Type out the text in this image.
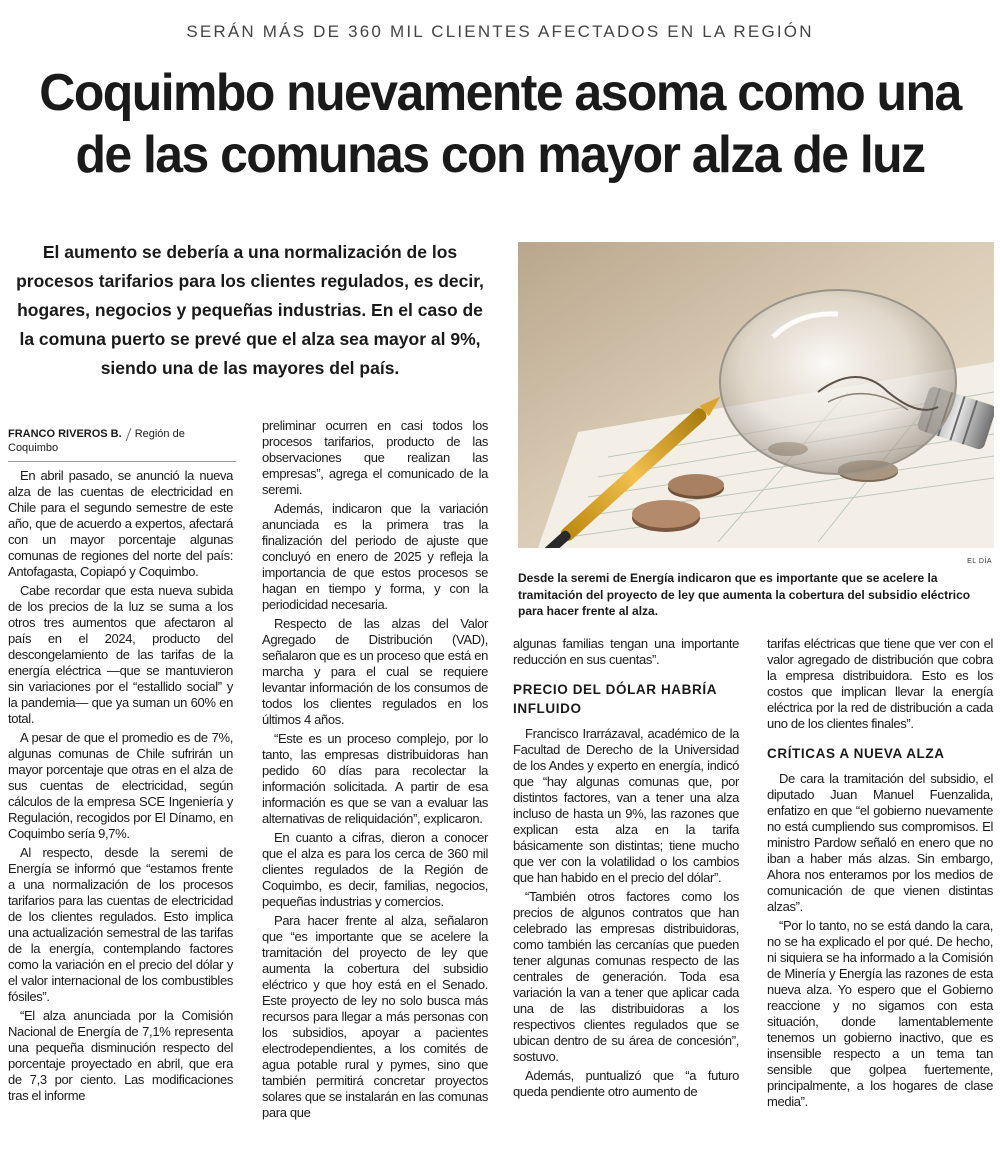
SERÁN MÁS DE 360 MIL CLIENTES AFECTADOS EN LA REGIÓN
Coquimbo nuevamente asoma como una
de las comunas con mayor alza de luz
El aumento se debería a una normalización de los procesos tarifarios para los clientes regulados, es decir, hogares, negocios y pequeñas industrias. En el caso de la comuna puerto se prevé que el alza sea mayor al 9%, siendo una de las mayores del país.
EL DÍA
Desde la seremi de Energía indicaron que es importante que se acelere la tramitación del proyecto de ley que aumenta la cobertura del subsidio eléctrico para hacer frente al alza.
FRANCO RIVEROS B. Región de Coquimbo

En abril pasado, se anunció la nueva alza de las cuentas de electricidad en Chile para el segundo semestre de este año, que de acuerdo a expertos, afectará con un mayor porcentaje algunas comunas de regiones del norte del país: Antofagasta, Copiapó y Coquimbo.

Cabe recordar que esta nueva subida de los precios de la luz se suma a los otros tres aumentos que afectaron al país en el 2024, producto del descongelamiento de las tarifas de la energía eléctrica —que se mantuvieron sin variaciones por el “estallido social” y la pandemia— que ya suman un 60% en total.

A pesar de que el promedio es de 7%, algunas comunas de Chile sufrirán un mayor porcentaje que otras en el alza de sus cuentas de electricidad, según cálculos de la empresa SCE Ingeniería y Regulación, recogidos por El Dínamo, en Coquimbo sería 9,7%.

Al respecto, desde la seremi de Energía se informó que “estamos frente a una normalización de los procesos tarifarios para las cuentas de electricidad de los clientes regulados. Esto implica una actualización semestral de las tarifas de la energía, contemplando factores como la variación en el precio del dólar y el valor internacional de los combustibles fósiles”.

“El alza anunciada por la Comisión Nacional de Energía de 7,1% representa una pequeña disminución respecto del porcentaje proyectado en abril, que era de 7,3 por ciento. Las modificaciones tras el informe

preliminar ocurren en casi todos los procesos tarifarios, producto de las observaciones que realizan las empresas”, agrega el comunicado de la seremi.

Además, indicaron que la variación anunciada es la primera tras la finalización del periodo de ajuste que concluyó en enero de 2025 y refleja la importancia de que estos procesos se hagan en tiempo y forma, y con la periodicidad necesaria.

Respecto de las alzas del Valor Agregado de Distribución (VAD), señalaron que es un proceso que está en marcha y para el cual se requiere levantar información de los consumos de todos los clientes regulados en los últimos 4 años.

“Este es un proceso complejo, por lo tanto, las empresas distribuidoras han pedido 60 días para recolectar la información solicitada. A partir de esa información es que se van a evaluar las alternativas de reliquidación”, explicaron.

En cuanto a cifras, dieron a conocer que el alza es para los cerca de 360 mil clientes regulados de la Región de Coquimbo, es decir, familias, negocios, pequeñas industrias y comercios.

Para hacer frente al alza, señalaron que “es importante que se acelere la tramitación del proyecto de ley que aumenta la cobertura del subsidio eléctrico y que hoy está en el Senado. Este proyecto de ley no solo busca más recursos para llegar a más personas con los subsidios, apoyar a pacientes electrodependientes, a los comités de agua potable rural y pymes, sino que también permitirá concretar proyectos solares que se instalarán en las comunas para que

algunas familias tengan una importante reducción en sus cuentas”.

PRECIO DEL DÓLAR HABRÍA INFLUIDO

Francisco Irarrázaval, académico de la Facultad de Derecho de la Universidad de los Andes y experto en energía, indicó que “hay algunas comunas que, por distintos factores, van a tener una alza incluso de hasta un 9%, las razones que explican esta alza en la tarifa básicamente son distintas; tiene mucho que ver con la volatilidad o los cambios que han habido en el precio del dólar”.

“También otros factores como los precios de algunos contratos que han celebrado las empresas distribuidoras, como también las cercanías que pueden tener algunas comunas respecto de las centrales de generación. Toda esa variación la van a tener que aplicar cada una de las distribuidoras a los respectivos clientes regulados que se ubican dentro de su área de concesión”, sostuvo.

Además, puntualizó que “a futuro queda pendiente otro aumento de

tarifas eléctricas que tiene que ver con el valor agregado de distribución que cobra la empresa distribuidora. Esto es los costos que implican llevar la energía eléctrica por la red de distribución a cada uno de los clientes finales”.

CRÍTICAS A NUEVA ALZA

De cara la tramitación del subsidio, el diputado Juan Manuel Fuenzalida, enfatizo en que “el gobierno nuevamente no está cumpliendo sus compromisos. El ministro Pardow señaló en enero que no iban a haber más alzas. Sin embargo, Ahora nos enteramos por los medios de comunicación de que vienen distintas alzas”.

“Por lo tanto, no se está dando la cara, no se ha explicado el por qué. De hecho, ni siquiera se ha informado a la Comisión de Minería y Energía las razones de esta nueva alza. Yo espero que el Gobierno reaccione y no sigamos con esta situación, donde lamentablemente tenemos un gobierno inactivo, que es insensible respecto a un tema tan sensible que golpea fuertemente, principalmente, a los hogares de clase media”.
